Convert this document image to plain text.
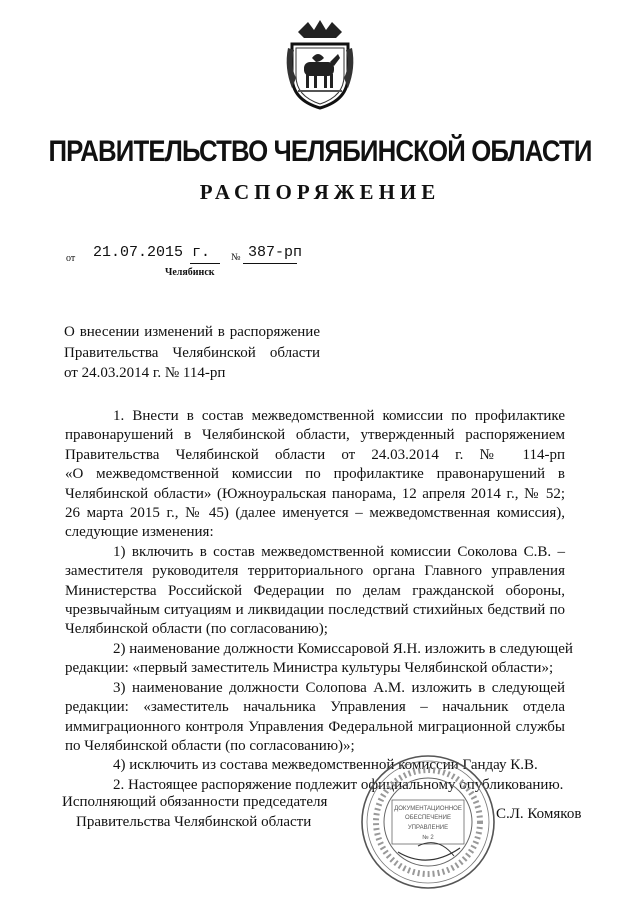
ПРАВИТЕЛЬСТВО ЧЕЛЯБИНСКОЙ ОБЛАСТИ
РАСПОРЯЖЕНИЕ
от 21.07.2015 г. № 387-рп
Челябинск
О внесении изменений в распоряжение
Правительства Челябинской области
от 24.03.2014 г. № 114-рп
1. Внести в состав межведомственной комиссии по профилактике
правонарушений в Челябинской области, утвержденный распоряжением
Правительства Челябинской области от 24.03.2014 г. № 114-рп
«О межведомственной комиссии по профилактике правонарушений в
Челябинской области» (Южноуральская панорама, 12 апреля 2014 г., № 52;
26 марта 2015 г., № 45) (далее именуется – межведомственная комиссия),
следующие изменения:
1) включить в состав межведомственной комиссии Соколова С.В. –
заместителя руководителя территориального органа Главного управления
Министерства Российской Федерации по делам гражданской обороны,
чрезвычайным ситуациям и ликвидации последствий стихийных бедствий по
Челябинской области (по согласованию);
2) наименование должности Комиссаровой Я.Н. изложить в следующей
редакции: «первый заместитель Министра культуры Челябинской области»;
3) наименование должности Солопова А.М. изложить в следующей
редакции: «заместитель начальника Управления – начальник отдела
иммиграционного контроля Управления Федеральной миграционной службы
по Челябинской области (по согласованию)»;
4) исключить из состава межведомственной комиссии Гандау К.В.
2. Настоящее распоряжение подлежит официальному опубликованию.
Исполняющий обязанности председателя
Правительства Челябинской области	С.Л. Комяков
ДОКУМЕНТАЦИОННОЕ
ОБЕСПЕЧЕНИЕ
УПРАВЛЕНИЕ
№ 2
